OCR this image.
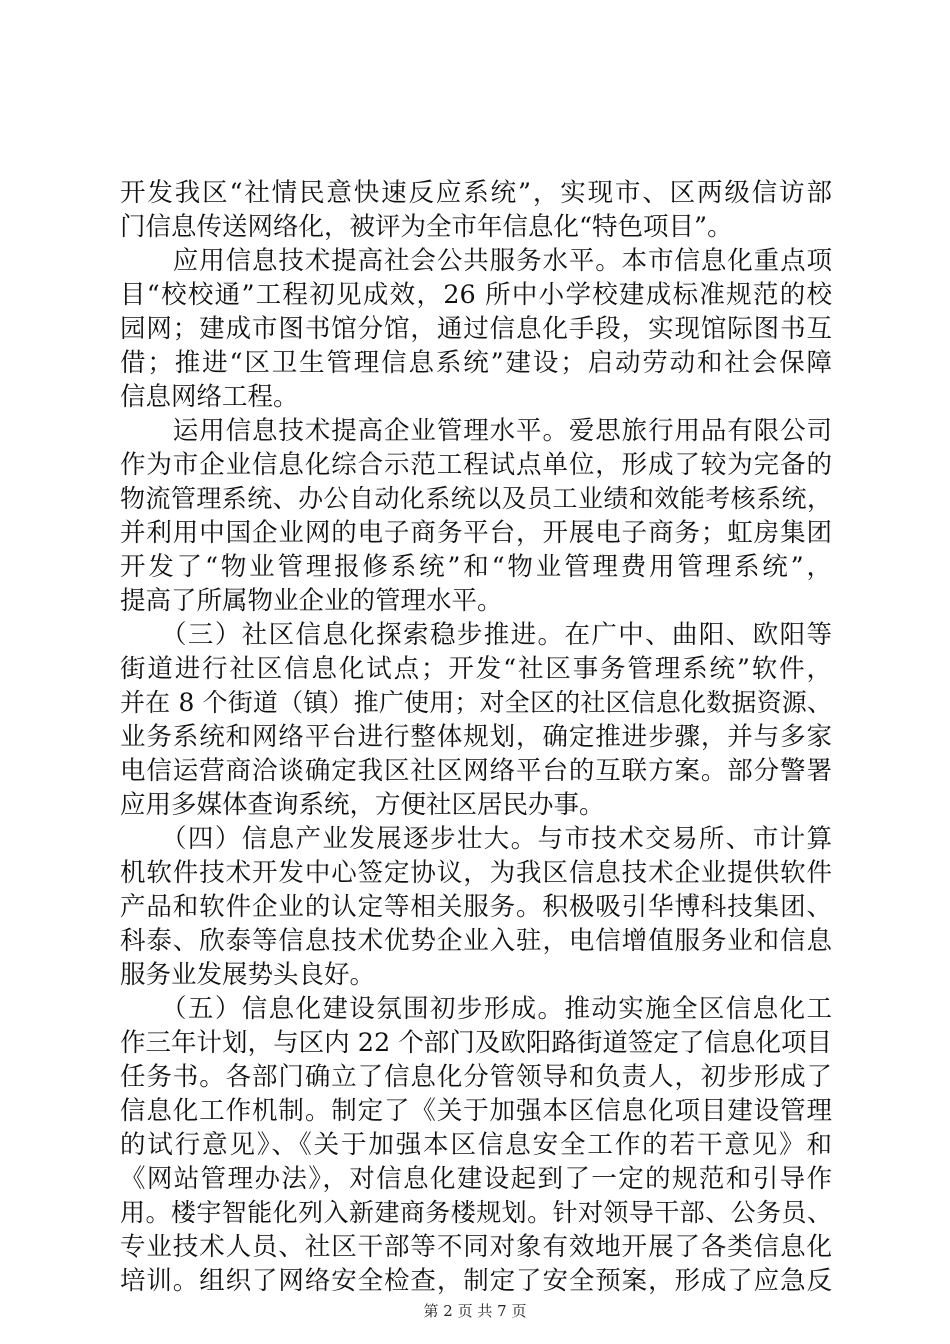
开发我区“社情民意快速反应系统”，实现市、区两级信访部
门信息传送网络化，被评为全市年信息化“特色项目”。
　　应用信息技术提高社会公共服务水平。本市信息化重点项
目“校校通”工程初见成效，26 所中小学校建成标准规范的校
园网；建成市图书馆分馆，通过信息化手段，实现馆际图书互
借；推进“区卫生管理信息系统”建设；启动劳动和社会保障
信息网络工程。
　　运用信息技术提高企业管理水平。爱思旅行用品有限公司
作为市企业信息化综合示范工程试点单位，形成了较为完备的
物流管理系统、办公自动化系统以及员工业绩和效能考核系统，
并利用中国企业网的电子商务平台，开展电子商务；虹房集团
开发了“物业管理报修系统”和“物业管理费用管理系统”，
提高了所属物业企业的管理水平。
　　（三）社区信息化探索稳步推进。在广中、曲阳、欧阳等
街道进行社区信息化试点；开发“社区事务管理系统”软件，
并在 8 个街道（镇）推广使用；对全区的社区信息化数据资源、
业务系统和网络平台进行整体规划，确定推进步骤，并与多家
电信运营商洽谈确定我区社区网络平台的互联方案。部分警署
应用多媒体查询系统，方便社区居民办事。
　　（四）信息产业发展逐步壮大。与市技术交易所、市计算
机软件技术开发中心签定协议，为我区信息技术企业提供软件
产品和软件企业的认定等相关服务。积极吸引华博科技集团、
科泰、欣泰等信息技术优势企业入驻，电信增值服务业和信息
服务业发展势头良好。
　　（五）信息化建设氛围初步形成。推动实施全区信息化工
作三年计划，与区内 22 个部门及欧阳路街道签定了信息化项目
任务书。各部门确立了信息化分管领导和负责人，初步形成了
信息化工作机制。制定了《关于加强本区信息化项目建设管理
的试行意见》、《关于加强本区信息安全工作的若干意见》和
《网站管理办法》，对信息化建设起到了一定的规范和引导作
用。楼宇智能化列入新建商务楼规划。针对领导干部、公务员、
专业技术人员、社区干部等不同对象有效地开展了各类信息化
培训。组织了网络安全检查，制定了安全预案，形成了应急反
第 2 页 共 7 页
